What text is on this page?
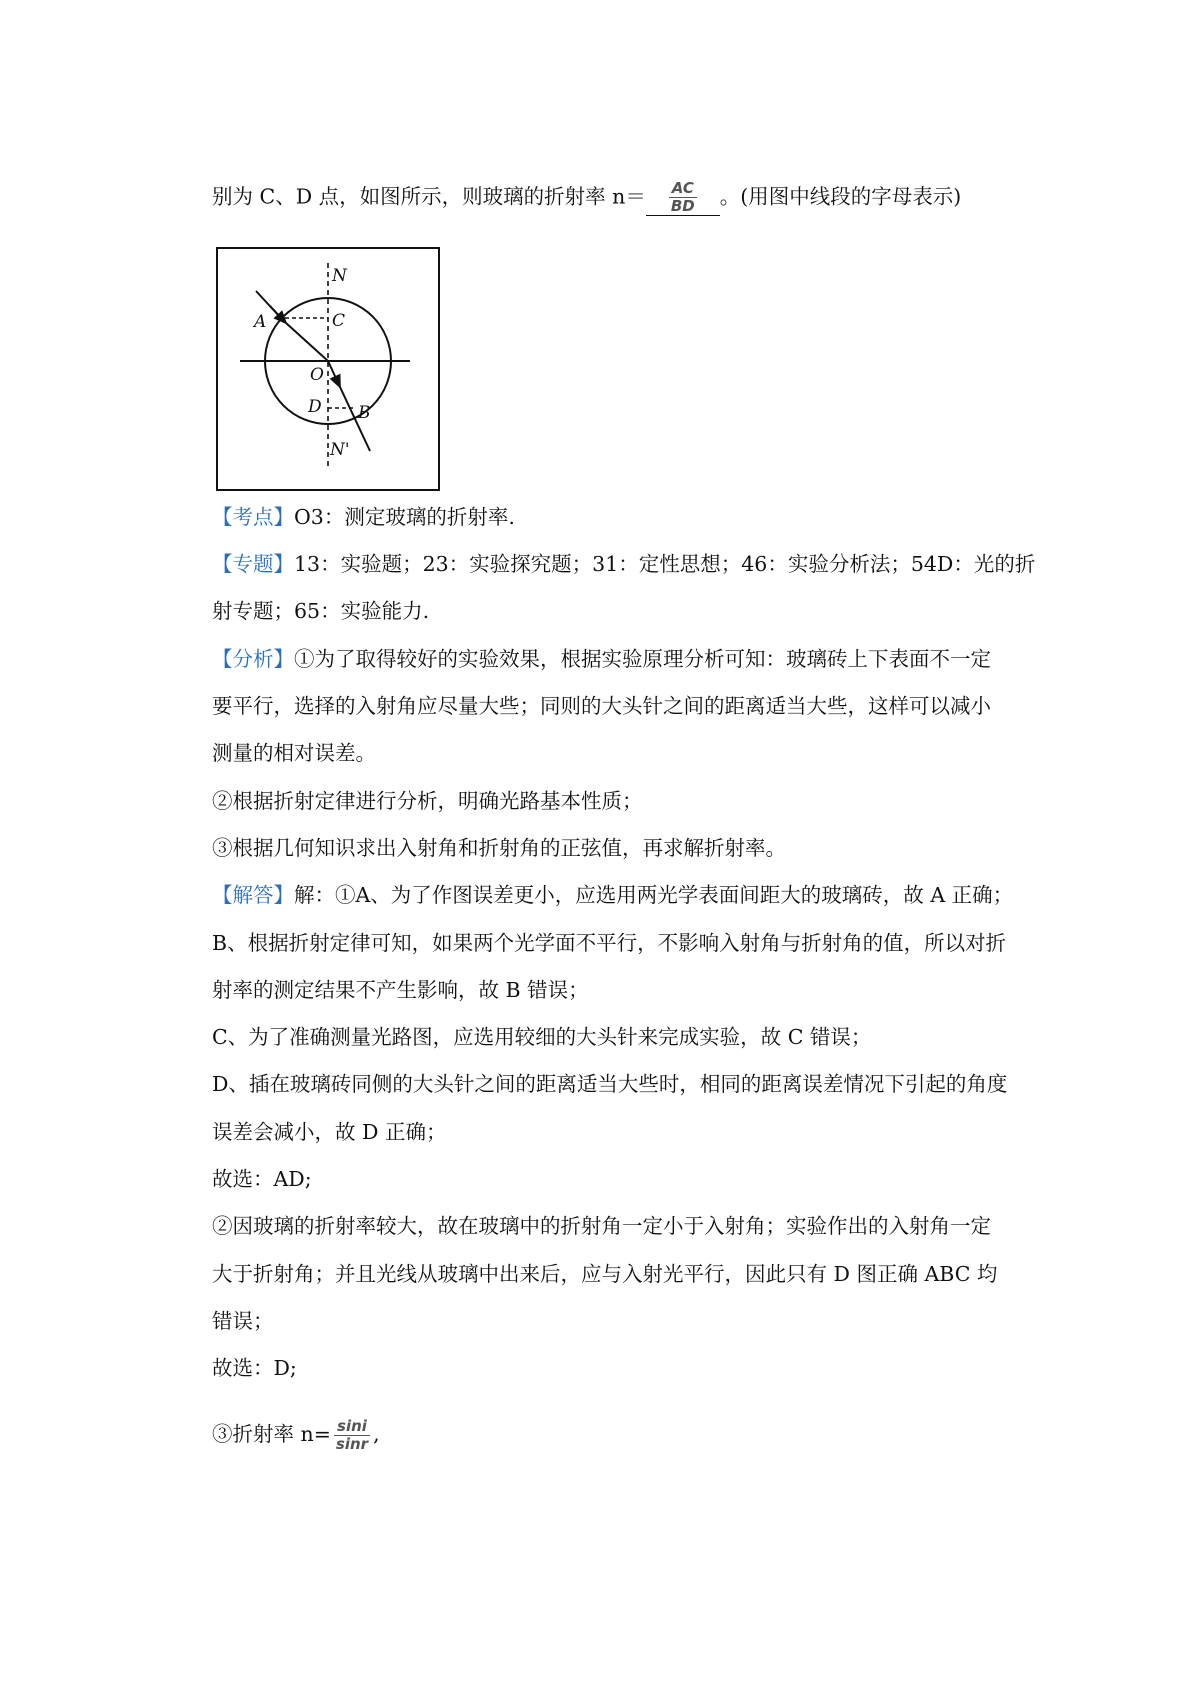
别为 C、D 点，如图所示，则玻璃的折射率 $n= \frac{AC}{BD}$ 。(用图中线段的字母表示)
N
A	C
O
D B
N'
【考点】O3：测定玻璃的折射率.
【专题】13：实验题；23：实验探究题；31：定性思想；46：实验分析法；54D：光的折
射专题；65：实验能力.
【分析】①为了取得较好的实验效果，根据实验原理分析可知：玻璃砖上下表面不一定
要平行，选择的入射角应尽量大些；同则的大头针之间的距离适当大些，这样可以减小
测量的相对误差。
②根据折射定律进行分析，明确光路基本性质；
③根据几何知识求出入射角和折射角的正弦值，再求解折射率。
【解答】解：①A、为了作图误差更小，应选用两光学表面间距大的玻璃砖，故 A 正确；
B、根据折射定律可知，如果两个光学面不平行，不影响入射角与折射角的值，所以对折
射率的测定结果不产生影响，故 B 错误；
C、为了准确测量光路图，应选用较细的大头针来完成实验，故 C 错误；
D、插在玻璃砖同侧的大头针之间的距离适当大些时，相同的距离误差情况下引起的角度
误差会减小，故 D 正确；
故选：AD;
②因玻璃的折射率较大，故在玻璃中的折射角一定小于入射角；实验作出的入射角一定
大于折射角；并且光线从玻璃中出来后，应与入射光平行，因此只有 D 图正确 ABC 均
错误；
故选：D;
③折射率 $n= \frac{\sin i}{\sin r}$ ,
